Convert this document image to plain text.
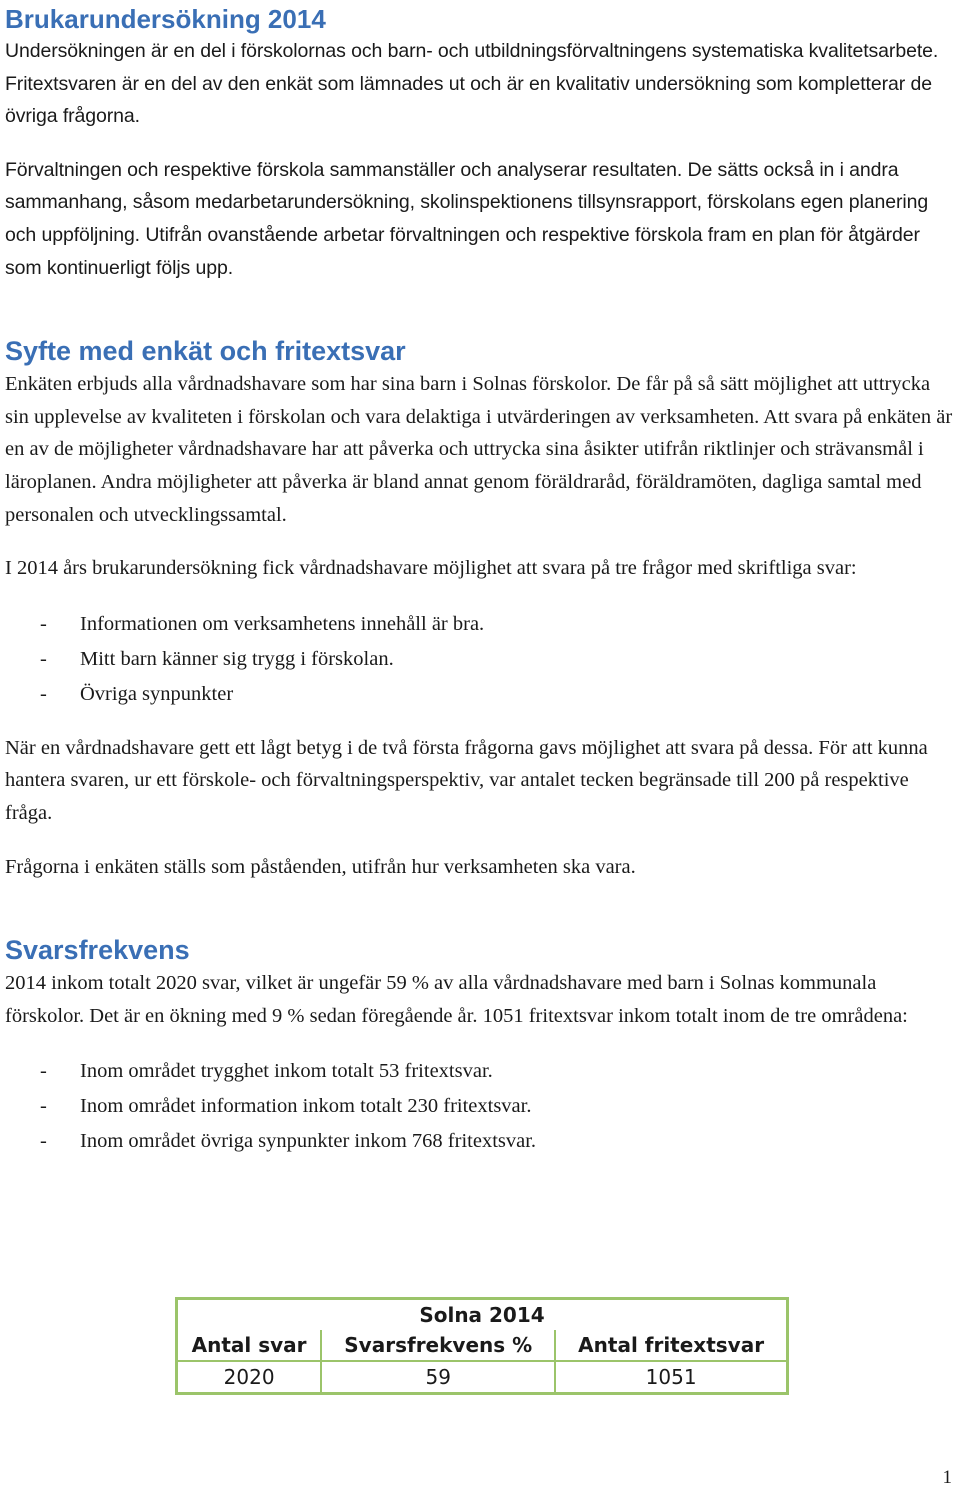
Brukarundersökning 2014

Undersökningen är en del i förskolornas och barn- och utbildningsförvaltningens systematiska kvalitetsarbete. Fritextsvaren är en del av den enkät som lämnades ut och är en kvalitativ undersökning som kompletterar de övriga frågorna.

Förvaltningen och respektive förskola sammanställer och analyserar resultaten. De sätts också in i andra sammanhang, såsom medarbetarundersökning, skolinspektionens tillsynsrapport, förskolans egen planering och uppföljning. Utifrån ovanstående arbetar förvaltningen och respektive förskola fram en plan för åtgärder som kontinuerligt följs upp.

Syfte med enkät och fritextsvar

Enkäten erbjuds alla vårdnadshavare som har sina barn i Solnas förskolor. De får på så sätt möjlighet att uttrycka sin upplevelse av kvaliteten i förskolan och vara delaktiga i utvärderingen av verksamheten. Att svara på enkäten är en av de möjligheter vårdnadshavare har att påverka och uttrycka sina åsikter utifrån riktlinjer och strävansmål i läroplanen. Andra möjligheter att påverka är bland annat genom föräldraråd, föräldramöten, dagliga samtal med personalen och utvecklingssamtal.

I 2014 års brukarundersökning fick vårdnadshavare möjlighet att svara på tre frågor med skriftliga svar:

- Informationen om verksamhetens innehåll är bra.
- Mitt barn känner sig trygg i förskolan.
- Övriga synpunkter

När en vårdnadshavare gett ett lågt betyg i de två första frågorna gavs möjlighet att svara på dessa. För att kunna hantera svaren, ur ett förskole- och förvaltningsperspektiv, var antalet tecken begränsade till 200 på respektive fråga.

Frågorna i enkäten ställs som påståenden, utifrån hur verksamheten ska vara.

Svarsfrekvens

2014 inkom totalt 2020 svar, vilket är ungefär 59 % av alla vårdnadshavare med barn i Solnas kommunala förskolor. Det är en ökning med 9 % sedan föregående år. 1051 fritextsvar inkom totalt inom de tre områdena:

- Inom området trygghet inkom totalt 53 fritextsvar.
- Inom området information inkom totalt 230 fritextsvar.
- Inom området övriga synpunkter inkom 768 fritextsvar.
Solna 2014		
Antal svar	Svarsfrekvens %	Antal fritextsvar
2020	59	1051
1
